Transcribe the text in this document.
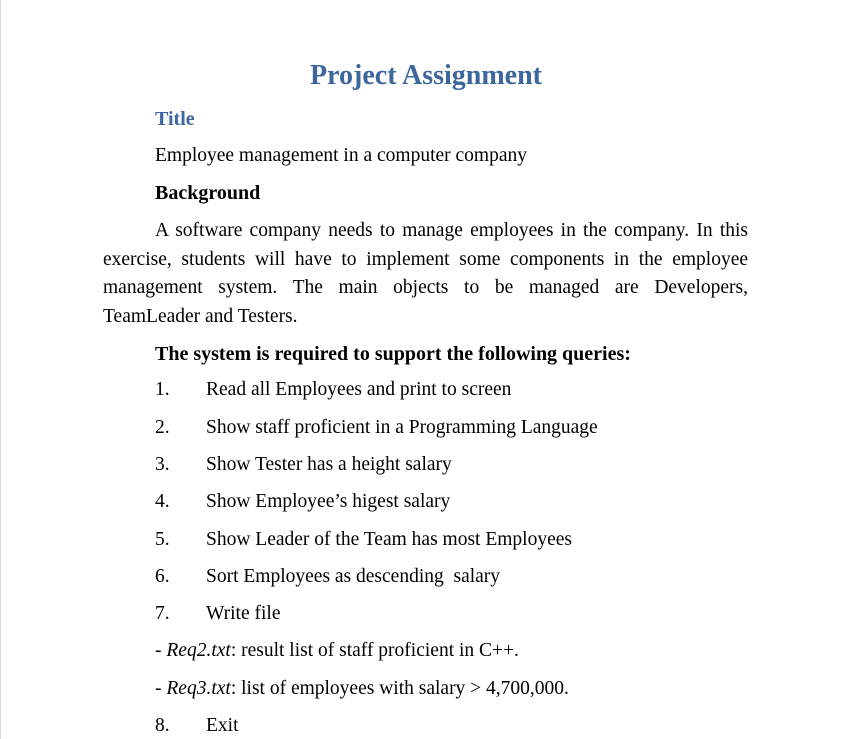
Project Assignment
Title
Employee management in a computer company
Background
A software company needs to manage employees in the company. In this exercise, students will have to implement some components in the employee management system. The main objects to be managed are Developers, TeamLeader and Testers.
The system is required to support the following queries:
1. Read all Employees and print to screen
2. Show staff proficient in a Programming Language
3. Show Tester has a height salary
4. Show Employee’s higest salary
5. Show Leader of the Team has most Employees
6. Sort Employees as descending  salary
7. Write file
- Req2.txt: result list of staff proficient in C++.
- Req3.txt: list of employees with salary > 4,700,000.
8. Exit
